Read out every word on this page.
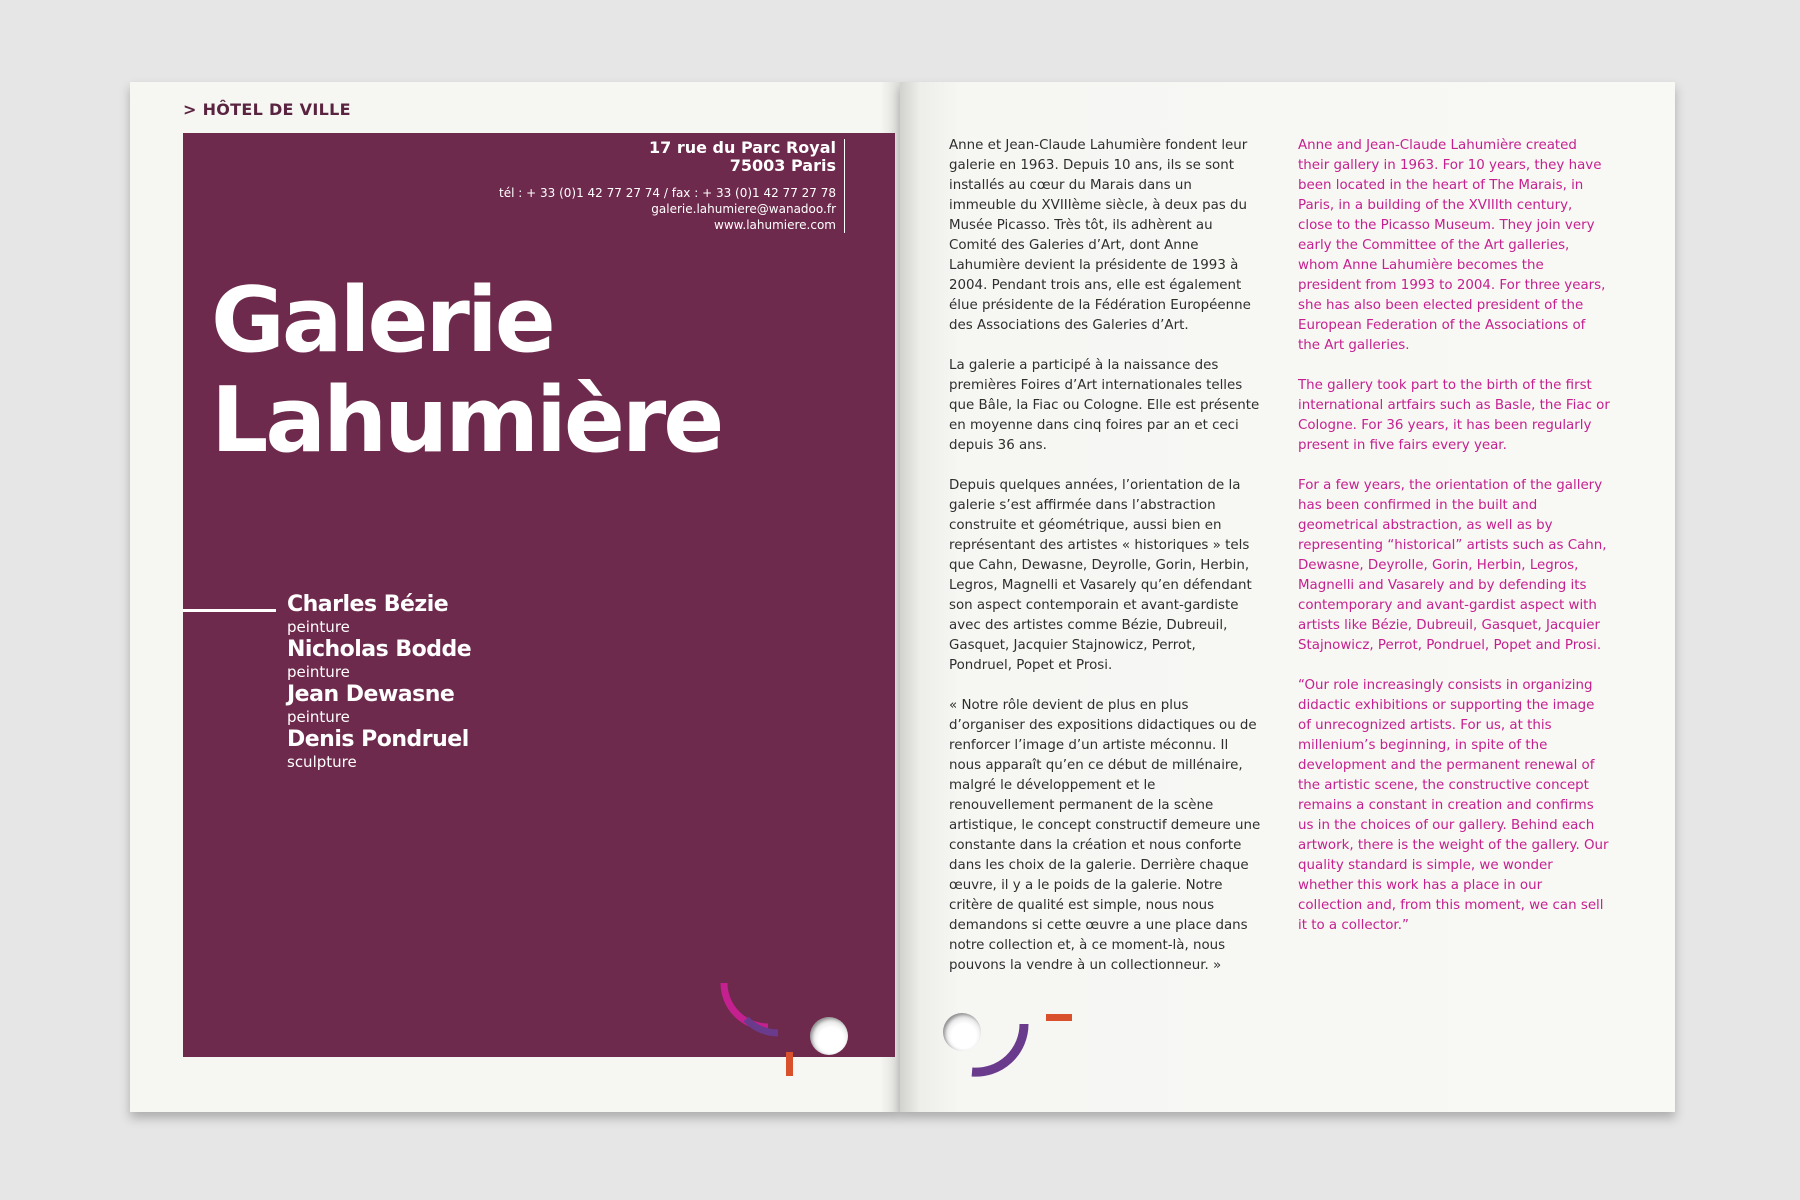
> HÔTEL DE VILLE
17 rue du Parc Royal
75003 Paris
tél : + 33 (0)1 42 77 27 74 / fax : + 33 (0)1 42 77 27 78
galerie.lahumiere@wanadoo.fr
www.lahumiere.com
Galerie
Lahumière
Charles Bézie
peinture
Nicholas Bodde
peinture
Jean Dewasne
peinture
Denis Pondruel
sculpture

Anne et Jean-Claude Lahumière fondent leur galerie en 1963. Depuis 10 ans, ils se sont installés au cœur du Marais dans un immeuble du XVIIIème siècle, à deux pas du Musée Picasso. Très tôt, ils adhèrent au Comité des Galeries d’Art, dont Anne Lahumière devient la présidente de 1993 à 2004. Pendant trois ans, elle est également élue présidente de la Fédération Européenne des Associations des Galeries d’Art.

La galerie a participé à la naissance des premières Foires d’Art internationales telles que Bâle, la Fiac ou Cologne. Elle est présente en moyenne dans cinq foires par an et ceci depuis 36 ans.

Depuis quelques années, l’orientation de la galerie s’est affirmée dans l’abstraction construite et géométrique, aussi bien en représentant des artistes « historiques » tels que Cahn, Dewasne, Deyrolle, Gorin, Herbin, Legros, Magnelli et Vasarely qu’en défendant son aspect contemporain et avant-gardiste avec des artistes comme Bézie, Dubreuil, Gasquet, Jacquier Stajnowicz, Perrot, Pondruel, Popet et Prosi.

« Notre rôle devient de plus en plus d’organiser des expositions didactiques ou de renforcer l’image d’un artiste méconnu. Il nous apparaît qu’en ce début de millénaire, malgré le développement et le renouvellement permanent de la scène artistique, le concept constructif demeure une constante dans la création et nous conforte dans les choix de la galerie. Derrière chaque œuvre, il y a le poids de la galerie. Notre critère de qualité est simple, nous nous demandons si cette œuvre a une place dans notre collection et, à ce moment-là, nous pouvons la vendre à un collectionneur. »

Anne and Jean-Claude Lahumière created their gallery in 1963. For 10 years, they have been located in the heart of The Marais, in Paris, in a building of the XVIIIth century, close to the Picasso Museum. They join very early the Committee of the Art galleries, whom Anne Lahumière becomes the president from 1993 to 2004. For three years, she has also been elected president of the European Federation of the Associations of the Art galleries.

The gallery took part to the birth of the first international artfairs such as Basle, the Fiac or Cologne. For 36 years, it has been regularly present in five fairs every year.

For a few years, the orientation of the gallery has been confirmed in the built and geometrical abstraction, as well as by representing “historical” artists such as Cahn, Dewasne, Deyrolle, Gorin, Herbin, Legros, Magnelli and Vasarely and by defending its contemporary and avant-gardist aspect with artists like Bézie, Dubreuil, Gasquet, Jacquier Stajnowicz, Perrot, Pondruel, Popet and Prosi.

“Our role increasingly consists in organizing didactic exhibitions or supporting the image of unrecognized artists. For us, at this millenium’s beginning, in spite of the development and the permanent renewal of the artistic scene, the constructive concept remains a constant in creation and confirms us in the choices of our gallery. Behind each artwork, there is the weight of the gallery. Our quality standard is simple, we wonder whether this work has a place in our collection and, from this moment, we can sell it to a collector.”
